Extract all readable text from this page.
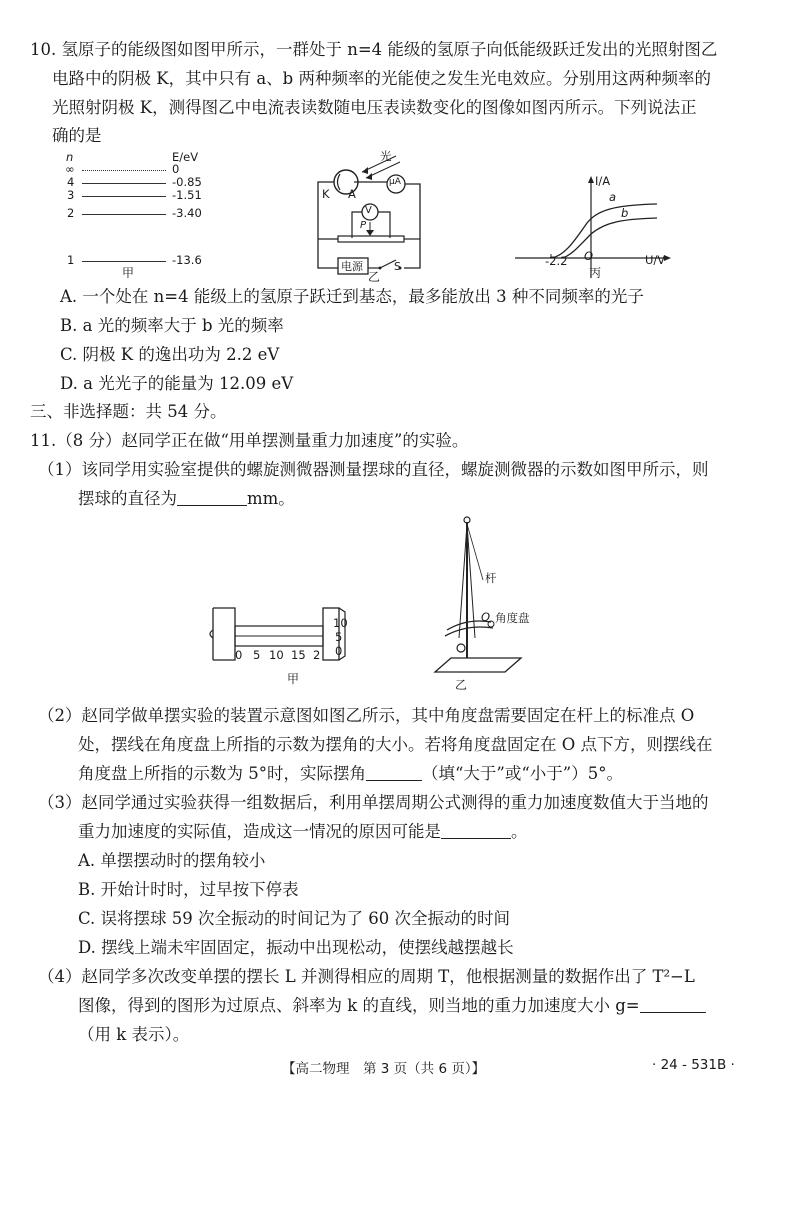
10. 氢原子的能级图如图甲所示，一群处于 n=4 能级的氢原子向低能级跃迁发出的光照射图乙
电路中的阴极 K，其中只有 a、b 两种频率的光能使之发生光电效应。分别用这两种频率的
光照射阴极 K，测得图乙中电流表读数随电压表读数变化的图像如图丙所示。下列说法正
确的是
n	E/eV
∞	0
4	-0.85
3	-1.51
2	-3.40
1	-13.6
甲
光
K A
μA
V
P
电源	S
乙
I/A
U/V
O
-2.2
a
b
丙
A. 一个处在 n=4 能级上的氢原子跃迁到基态，最多能放出 3 种不同频率的光子
B. a 光的频率大于 b 光的频率
C. 阴极 K 的逸出功为 2.2 eV
D. a 光光子的能量为 12.09 eV
三、非选择题：共 54 分。
11.（8 分）赵同学正在做“用单摆测量重力加速度”的实验。
（1）该同学用实验室提供的螺旋测微器测量摆球的直径，螺旋测微器的示数如图甲所示，则
摆球的直径为	mm。
0 5 10 15 2
10
5
0
甲
杆
O 角度盘
乙
（2）赵同学做单摆实验的装置示意图如图乙所示，其中角度盘需要固定在杆上的标准点 O
处，摆线在角度盘上所指的示数为摆角的大小。若将角度盘固定在 O 点下方，则摆线在
角度盘上所指的示数为 5°时，实际摆角	（填“大于”或“小于”）5°。
（3）赵同学通过实验获得一组数据后，利用单摆周期公式测得的重力加速度数值大于当地的
重力加速度的实际值，造成这一情况的原因可能是	。
A. 单摆摆动时的摆角较小
B. 开始计时时，过早按下停表
C. 误将摆球 59 次全振动的时间记为了 60 次全振动的时间
D. 摆线上端未牢固固定，振动中出现松动，使摆线越摆越长
（4）赵同学多次改变单摆的摆长 L 并测得相应的周期 T，他根据测量的数据作出了 T²−L
图像，得到的图形为过原点、斜率为 k 的直线，则当地的重力加速度大小 g=
（用 k 表示）。
【高二物理　第 3 页（共 6 页）】	· 24 - 531B ·
